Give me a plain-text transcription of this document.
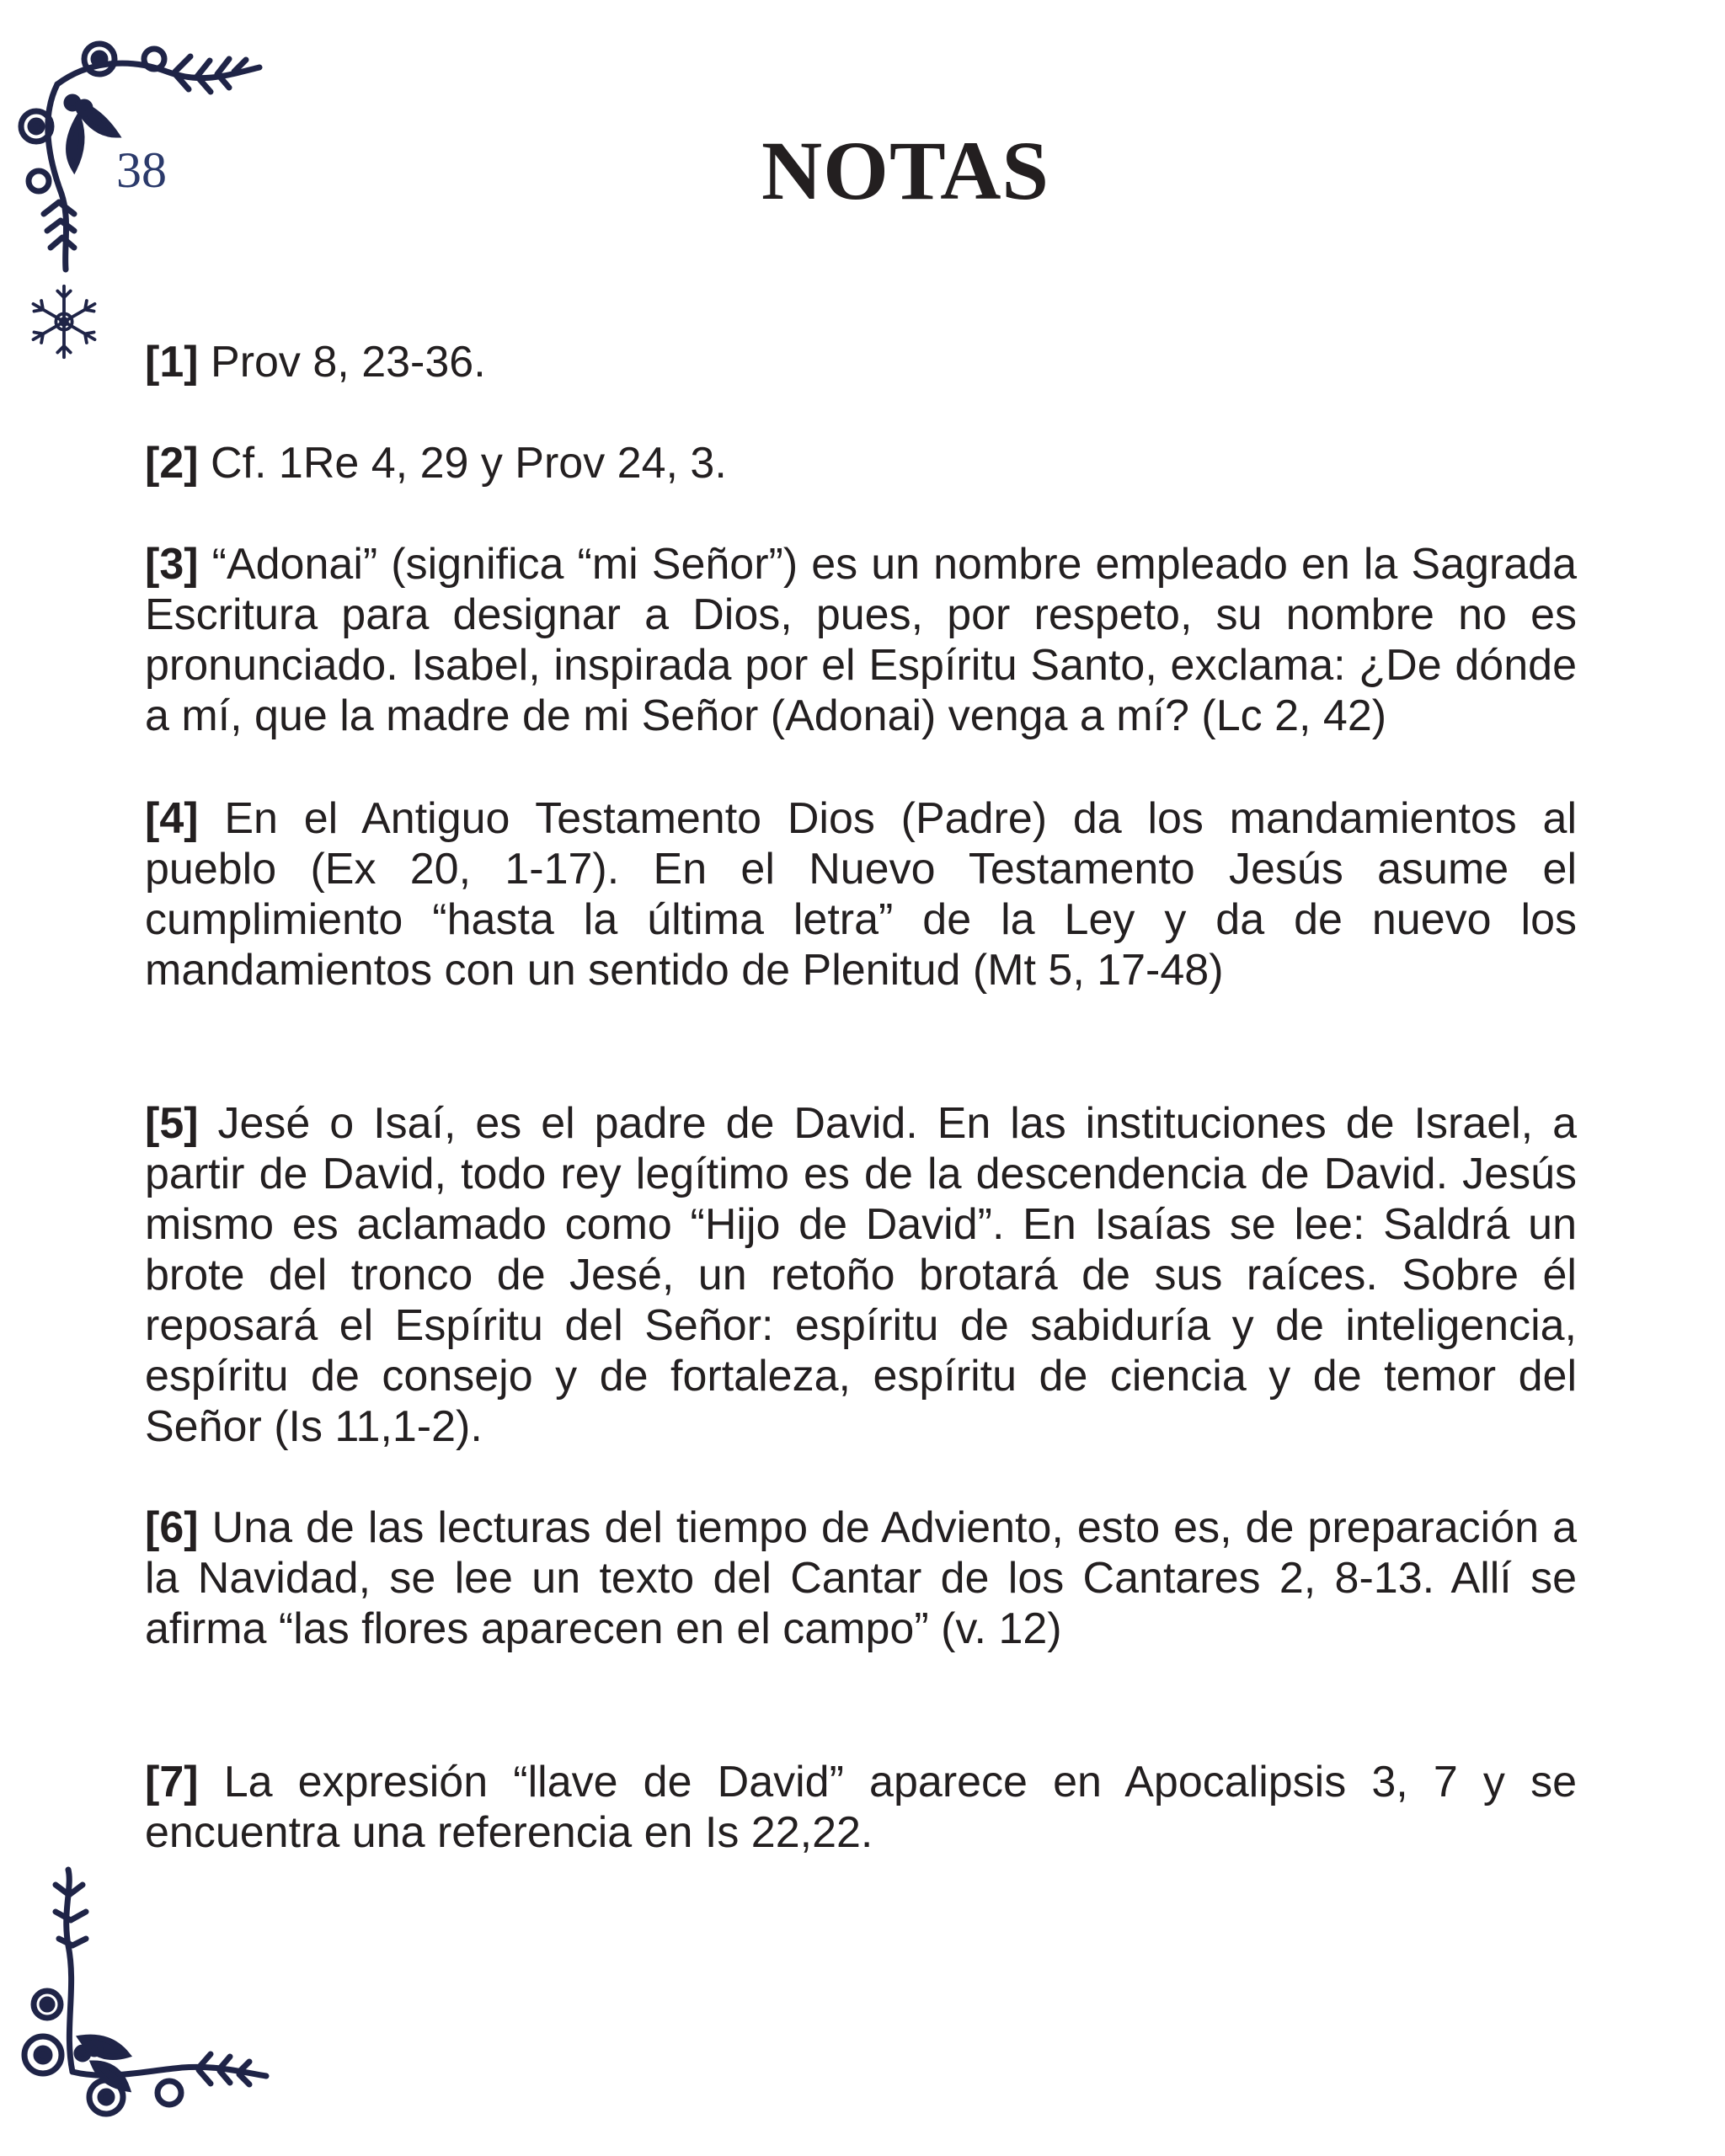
38	NOTAS

[1] Prov 8, 23-36.

[2] Cf. 1Re 4, 29 y Prov 24, 3.

[3] “Adonai” (significa “mi Señor”) es un nombre empleado en la Sagrada Escritura para designar a Dios, pues, por respeto, su nombre no es pronunciado. Isabel, inspirada por el Espíritu Santo, exclama: ¿De dónde a mí, que la madre de mi Señor (Adonai) venga a mí? (Lc 2, 42)

[4] En el Antiguo Testamento Dios (Padre) da los mandamientos al pueblo (Ex 20, 1-17). En el Nuevo Testamento Jesús asume el cumplimiento “hasta la última letra” de la Ley y da de nuevo los mandamientos con un sentido de Plenitud (Mt 5, 17-48)

[5] Jesé o Isaí, es el padre de David. En las instituciones de Israel, a partir de David, todo rey legítimo es de la descendencia de David. Jesús mismo es aclamado como “Hijo de David”. En Isaías se lee: Saldrá un brote del tronco de Jesé, un retoño brotará de sus raíces. Sobre él reposará el Espíritu del Señor: espíritu de sabiduría y de inteligencia, espíritu de consejo y de fortaleza, espíritu de ciencia y de temor del Señor (Is 11,1-2).

[6] Una de las lecturas del tiempo de Adviento, esto es, de preparación a la Navidad, se lee un texto del Cantar de los Cantares 2, 8-13. Allí se afirma “las flores aparecen en el campo” (v. 12)

[7] La expresión “llave de David” aparece en Apocalipsis 3, 7 y se encuentra una referencia en Is 22,22.
